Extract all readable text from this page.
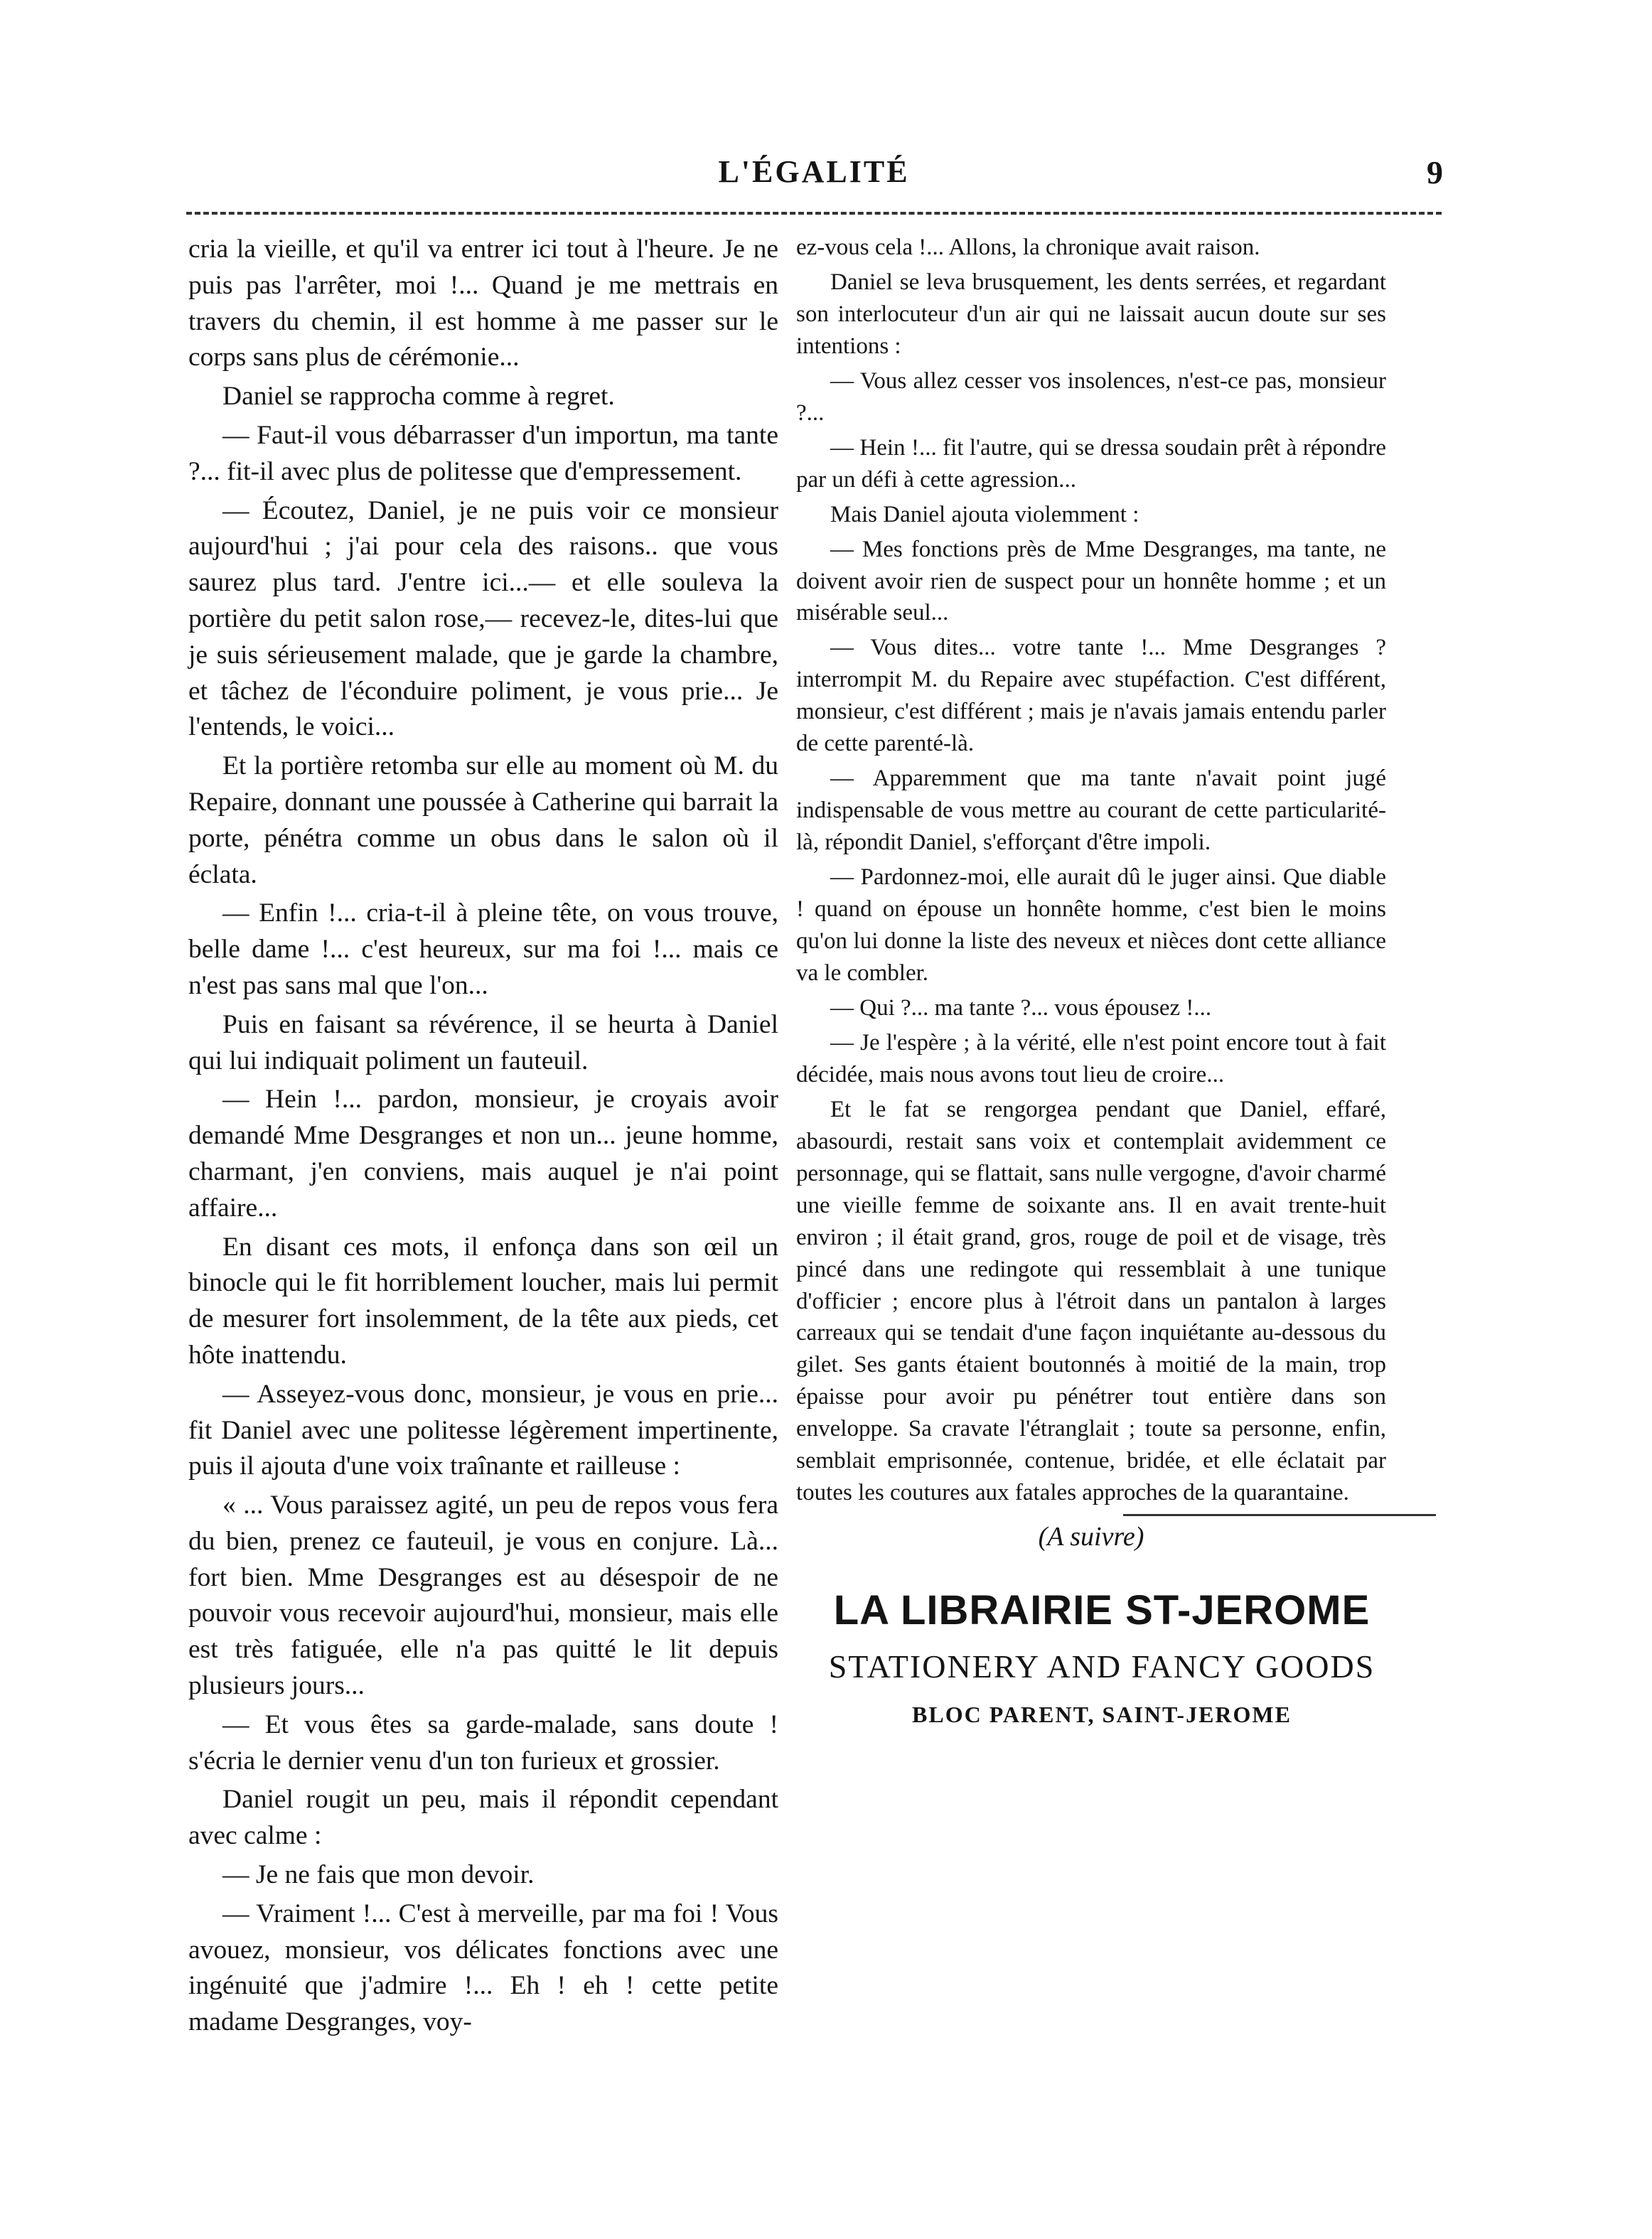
L'ÉGALITÉ	9

cria la vieille, et qu'il va entrer ici tout à l'heure. Je ne puis pas l'arrêter, moi !... Quand je me mettrais en travers du chemin, il est homme à me passer sur le corps sans plus de cérémonie...

Daniel se rapprocha comme à regret.

— Faut-il vous débarrasser d'un importun, ma tante ?... fit-il avec plus de politesse que d'empressement.

— Écoutez, Daniel, je ne puis voir ce monsieur aujourd'hui ; j'ai pour cela des raisons.. que vous saurez plus tard. J'entre ici...— et elle souleva la portière du petit salon rose,— recevez-le, dites-lui que je suis sérieusement malade, que je garde la chambre, et tâchez de l'éconduire poliment, je vous prie... Je l'entends, le voici...

Et la portière retomba sur elle au moment où M. du Repaire, donnant une poussée à Catherine qui barrait la porte, pénétra comme un obus dans le salon où il éclata.

— Enfin !... cria-t-il à pleine tête, on vous trouve, belle dame !... c'est heureux, sur ma foi !... mais ce n'est pas sans mal que l'on...

Puis en faisant sa révérence, il se heurta à Daniel qui lui indiquait poliment un fauteuil.

— Hein !... pardon, monsieur, je croyais avoir demandé Mme Desgranges et non un... jeune homme, charmant, j'en conviens, mais auquel je n'ai point affaire...

En disant ces mots, il enfonça dans son œil un binocle qui le fit horriblement loucher, mais lui permit de mesurer fort insolemment, de la tête aux pieds, cet hôte inattendu.

— Asseyez-vous donc, monsieur, je vous en prie... fit Daniel avec une politesse légèrement impertinente, puis il ajouta d'une voix traînante et railleuse :

« ... Vous paraissez agité, un peu de repos vous fera du bien, prenez ce fauteuil, je vous en conjure. Là... fort bien. Mme Desgranges est au désespoir de ne pouvoir vous recevoir aujourd'hui, monsieur, mais elle est très fatiguée, elle n'a pas quitté le lit depuis plusieurs jours...

— Et vous êtes sa garde-malade, sans doute ! s'écria le dernier venu d'un ton furieux et grossier.

Daniel rougit un peu, mais il répondit cependant avec calme :

— Je ne fais que mon devoir.

— Vraiment !... C'est à merveille, par ma foi ! Vous avouez, monsieur, vos délicates fonctions avec une ingénuité que j'admire !... Eh ! eh ! cette petite madame Desgranges, voy-

ez-vous cela !... Allons, la chronique avait raison.

Daniel se leva brusquement, les dents serrées, et regardant son interlocuteur d'un air qui ne laissait aucun doute sur ses intentions :

— Vous allez cesser vos insolences, n'est-ce pas, monsieur ?...

— Hein !... fit l'autre, qui se dressa soudain prêt à répondre par un défi à cette agression...

Mais Daniel ajouta violemment :

— Mes fonctions près de Mme Desgranges, ma tante, ne doivent avoir rien de suspect pour un honnête homme ; et un misérable seul...

— Vous dites... votre tante !... Mme Desgranges ? interrompit M. du Repaire avec stupéfaction. C'est différent, monsieur, c'est différent ; mais je n'avais jamais entendu parler de cette parenté-là.

— Apparemment que ma tante n'avait point jugé indispensable de vous mettre au courant de cette particularité-là, répondit Daniel, s'efforçant d'être impoli.

— Pardonnez-moi, elle aurait dû le juger ainsi. Que diable ! quand on épouse un honnête homme, c'est bien le moins qu'on lui donne la liste des neveux et nièces dont cette alliance va le combler.

— Qui ?... ma tante ?... vous épousez !...

— Je l'espère ; à la vérité, elle n'est point encore tout à fait décidée, mais nous avons tout lieu de croire...

Et le fat se rengorgea pendant que Daniel, effaré, abasourdi, restait sans voix et contemplait avidemment ce personnage, qui se flattait, sans nulle vergogne, d'avoir charmé une vieille femme de soixante ans. Il en avait trente-huit environ ; il était grand, gros, rouge de poil et de visage, très pincé dans une redingote qui ressemblait à une tunique d'officier ; encore plus à l'étroit dans un pantalon à larges carreaux qui se tendait d'une façon inquiétante au-dessous du gilet. Ses gants étaient boutonnés à moitié de la main, trop épaisse pour avoir pu pénétrer tout entière dans son enveloppe. Sa cravate l'étranglait ; toute sa personne, enfin, semblait emprisonnée, contenue, bridée, et elle éclatait par toutes les coutures aux fatales approches de la quarantaine.

(A suivre)
LA LIBRAIRIE ST-JEROME
STATIONERY AND FANCY GOODS
BLOC PARENT, SAINT-JEROME
